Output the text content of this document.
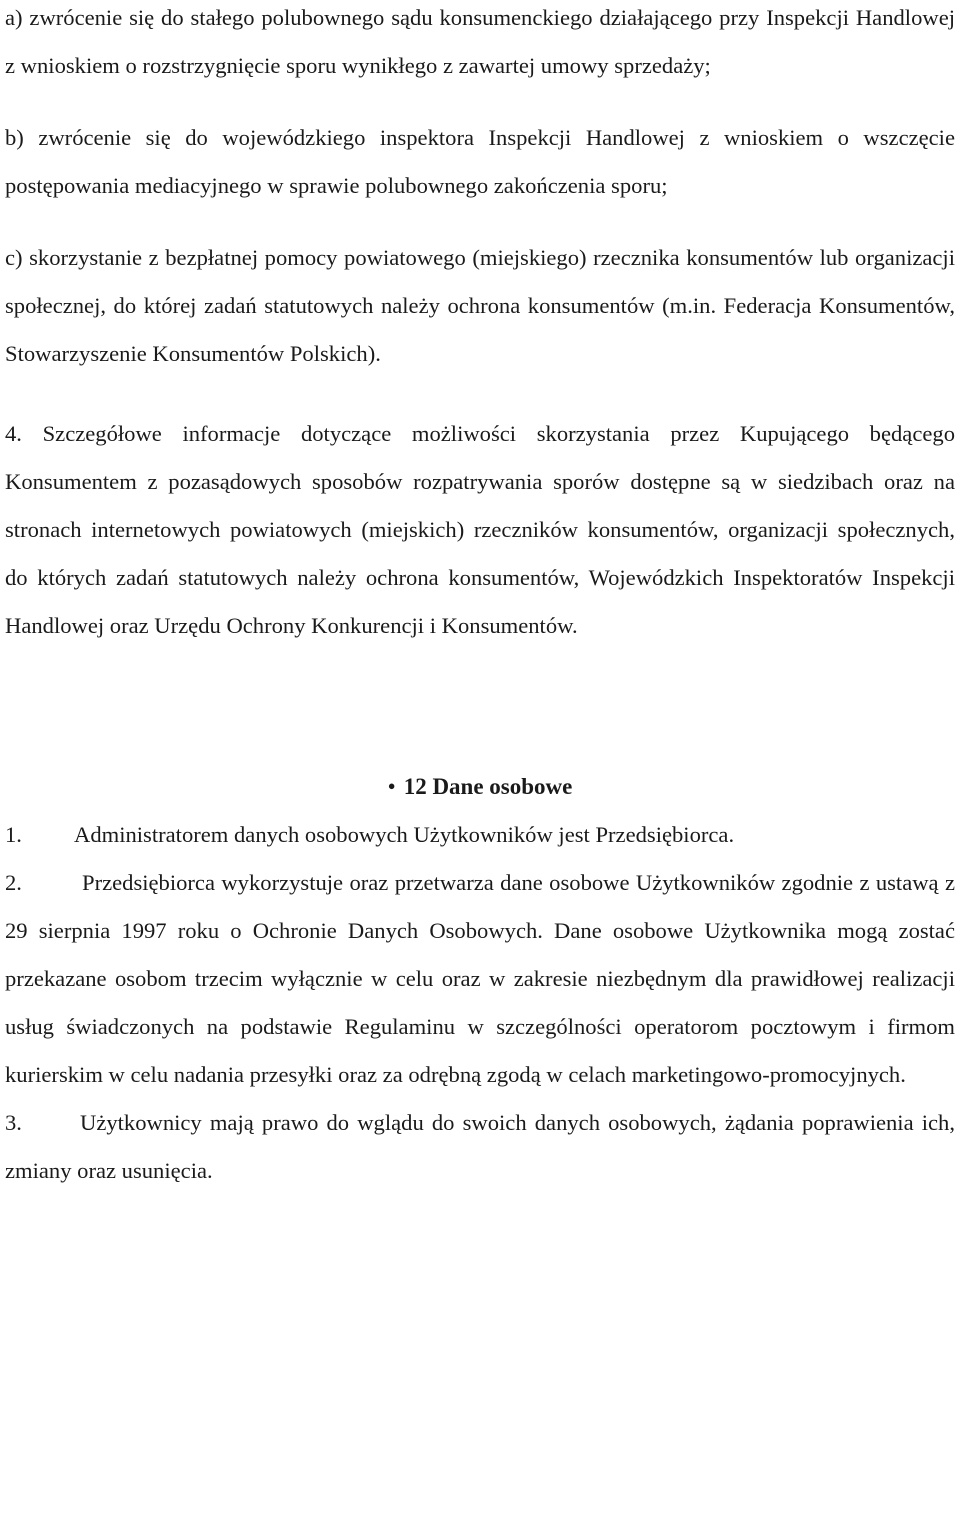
a) zwrócenie się do stałego polubownego sądu konsumenckiego działającego przy Inspekcji Handlowej z wnioskiem o rozstrzygnięcie sporu wynikłego z zawartej umowy sprzedaży;

b) zwrócenie się do wojewódzkiego inspektora Inspekcji Handlowej z wnioskiem o wszczęcie postępowania mediacyjnego w sprawie polubownego zakończenia sporu;

c) skorzystanie z bezpłatnej pomocy powiatowego (miejskiego) rzecznika konsumentów lub organizacji społecznej, do której zadań statutowych należy ochrona konsumentów (m.in. Federacja Konsumentów, Stowarzyszenie Konsumentów Polskich).

4. Szczegółowe informacje dotyczące możliwości skorzystania przez Kupującego będącego Konsumentem z pozasądowych sposobów rozpatrywania sporów dostępne są w siedzibach oraz na stronach internetowych powiatowych (miejskich) rzeczników konsumentów, organizacji społecznych, do których zadań statutowych należy ochrona konsumentów, Wojewódzkich Inspektoratów Inspekcji Handlowej oraz Urzędu Ochrony Konkurencji i Konsumentów.

• 12 Dane osobowe
1.	Administratorem danych osobowych Użytkowników jest Przedsiębiorca.

2.	Przedsiębiorca wykorzystuje oraz przetwarza dane osobowe Użytkowników zgodnie z ustawą z 29 sierpnia 1997 roku o Ochronie Danych Osobowych. Dane osobowe Użytkownika mogą zostać przekazane osobom trzecim wyłącznie w celu oraz w zakresie niezbędnym dla prawidłowej realizacji usług świadczonych na podstawie Regulaminu w szczególności operatorom pocztowym i firmom kurierskim w celu nadania przesyłki oraz za odrębną zgodą w celach marketingowo-promocyjnych.

3.	Użytkownicy mają prawo do wglądu do swoich danych osobowych, żądania poprawienia ich, zmiany oraz usunięcia.
